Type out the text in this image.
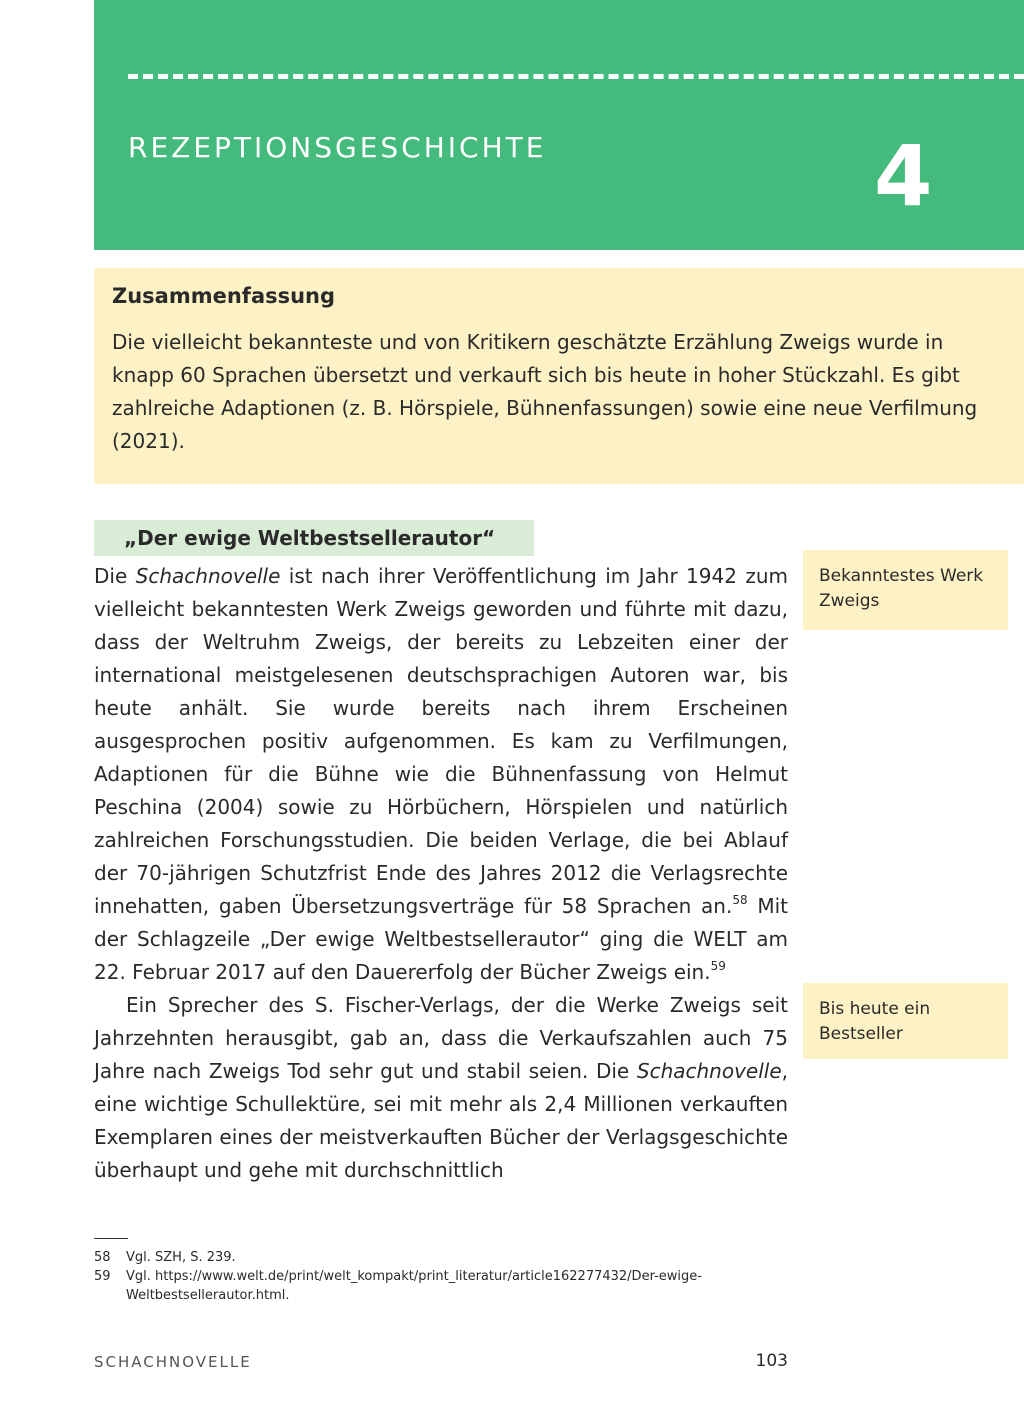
REZEPTIONSGESCHICHTE	4
Zusammenfassung

Die vielleicht bekannteste und von Kritikern geschätzte Erzählung Zweigs wurde in knapp 60 Sprachen übersetzt und verkauft sich bis heute in hoher Stückzahl. Es gibt zahlreiche Adaptionen (z. B. Hörspiele, Bühnenfassungen) sowie eine neue Verfilmung (2021).

„Der ewige Weltbestsellerautor“

Die Schachnovelle ist nach ihrer Veröffentlichung im Jahr 1942 zum vielleicht bekanntesten Werk Zweigs geworden und führte mit dazu, dass der Weltruhm Zweigs, der bereits zu Lebzeiten einer der international meistgelesenen deutschsprachigen Autoren war, bis heute anhält. Sie wurde bereits nach ihrem Erscheinen ausgesprochen positiv aufgenommen. Es kam zu Verfilmungen, Adaptionen für die Bühne wie die Bühnenfassung von Helmut Peschina (2004) sowie zu Hörbüchern, Hörspielen und natürlich zahlreichen Forschungsstudien. Die beiden Verlage, die bei Ablauf der 70-jährigen Schutzfrist Ende des Jahres 2012 die Verlagsrechte innehatten, gaben Übersetzungsverträge für 58 Sprachen an.$^{58}$ Mit der Schlagzeile „Der ewige Weltbestsellerautor“ ging die WELT am 22. Februar 2017 auf den Dauererfolg der Bücher Zweigs ein.$^{59}$

Ein Sprecher des S. Fischer-Verlags, der die Werke Zweigs seit Jahrzehnten herausgibt, gab an, dass die Verkaufszahlen auch 75 Jahre nach Zweigs Tod sehr gut und stabil seien. Die Schachnovelle, eine wichtige Schullektüre, sei mit mehr als 2,4 Millionen verkauften Exemplaren eines der meistverkauften Bücher der Verlagsgeschichte überhaupt und gehe mit durchschnittlich

Bekanntestes Werk Zweigs
Bis heute ein Bestseller

58 Vgl. SZH, S. 239.

59 Vgl. https://www.welt.de/print/welt_kompakt/print_literatur/article162277432/Der-ewige-Weltbestsellerautor.html.

SCHACHNOVELLE	103
